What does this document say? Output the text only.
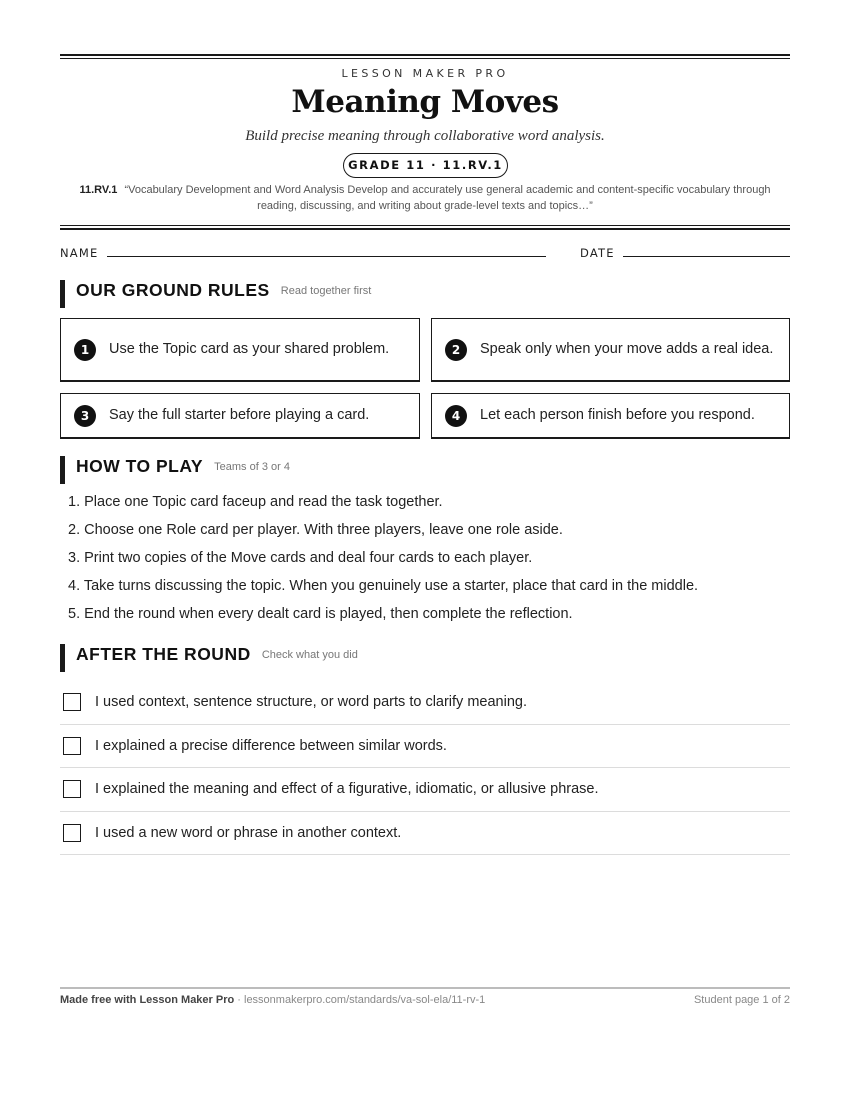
LESSON MAKER PRO
Meaning Moves
Build precise meaning through collaborative word analysis.
GRADE 11 · 11.RV.1
11.RV.1 “Vocabulary Development and Word Analysis Develop and accurately use general academic and content-specific vocabulary through reading, discussing, and writing about grade-level texts and topics…”
NAME	DATE
OUR GROUND RULES Read together first
1	Use the Topic card as your shared problem.	2	Speak only when your move adds a real idea.
3	Say the full starter before playing a card.	4	Let each person finish before you respond.
HOW TO PLAY Teams of 3 or 4
1. Place one Topic card faceup and read the task together.
2. Choose one Role card per player. With three players, leave one role aside.
3. Print two copies of the Move cards and deal four cards to each player.
4. Take turns discussing the topic. When you genuinely use a starter, place that card in the middle.
5. End the round when every dealt card is played, then complete the reflection.
AFTER THE ROUND Check what you did
I used context, sentence structure, or word parts to clarify meaning.
I explained a precise difference between similar words.
I explained the meaning and effect of a figurative, idiomatic, or allusive phrase.
I used a new word or phrase in another context.
Made free with Lesson Maker Pro · lessonmakerpro.com/standards/va-sol-ela/11-rv-1	Student page 1 of 2
